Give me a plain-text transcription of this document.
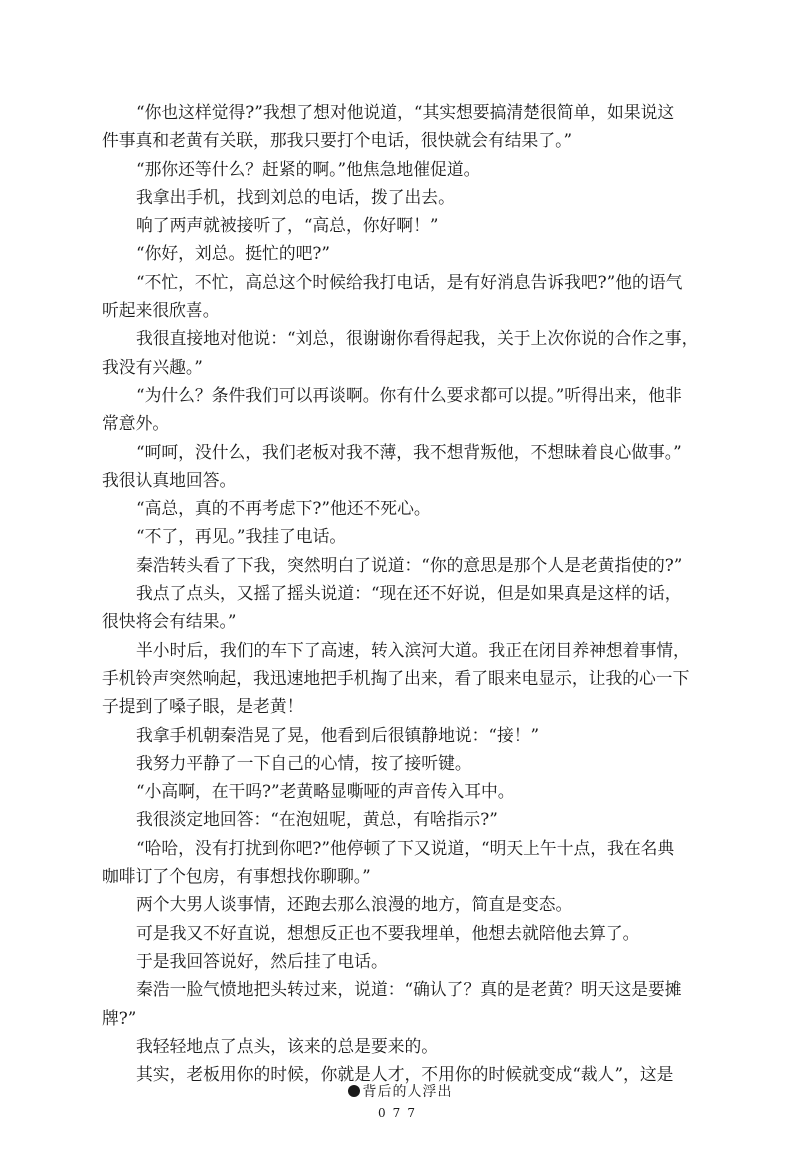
“你也这样觉得?”我想了想对他说道，“其实想要搞清楚很简单，如果说这
件事真和老黄有关联，那我只要打个电话，很快就会有结果了。”
“那你还等什么？赶紧的啊。”他焦急地催促道。
我拿出手机，找到刘总的电话，拨了出去。
响了两声就被接听了，“高总，你好啊！”
“你好，刘总。挺忙的吧?”
“不忙，不忙，高总这个时候给我打电话，是有好消息告诉我吧?”他的语气
听起来很欣喜。
我很直接地对他说：“刘总，很谢谢你看得起我，关于上次你说的合作之事，
我没有兴趣。”
“为什么？条件我们可以再谈啊。你有什么要求都可以提。”听得出来，他非
常意外。
“呵呵，没什么，我们老板对我不薄，我不想背叛他，不想昧着良心做事。”
我很认真地回答。
“高总，真的不再考虑下?”他还不死心。
“不了，再见。”我挂了电话。
秦浩转头看了下我，突然明白了说道：“你的意思是那个人是老黄指使的?”
我点了点头，又摇了摇头说道：“现在还不好说，但是如果真是这样的话，
很快将会有结果。”
半小时后，我们的车下了高速，转入滨河大道。我正在闭目养神想着事情，
手机铃声突然响起，我迅速地把手机掏了出来，看了眼来电显示，让我的心一下
子提到了嗓子眼，是老黄！
我拿手机朝秦浩晃了晃，他看到后很镇静地说：“接！”
我努力平静了一下自己的心情，按了接听键。
“小高啊，在干吗?”老黄略显嘶哑的声音传入耳中。
我很淡定地回答：“在泡妞呢，黄总，有啥指示?”
“哈哈，没有打扰到你吧?”他停顿了下又说道，“明天上午十点，我在名典
咖啡订了个包房，有事想找你聊聊。”
两个大男人谈事情，还跑去那么浪漫的地方，简直是变态。
可是我又不好直说，想想反正也不要我埋单，他想去就陪他去算了。
于是我回答说好，然后挂了电话。
秦浩一脸气愤地把头转过来，说道：“确认了？真的是老黄？明天这是要摊
牌?”
我轻轻地点了点头，该来的总是要来的。
其实，老板用你的时候，你就是人才，不用你的时候就变成“裁人”，这是
背后的人浮出
077
